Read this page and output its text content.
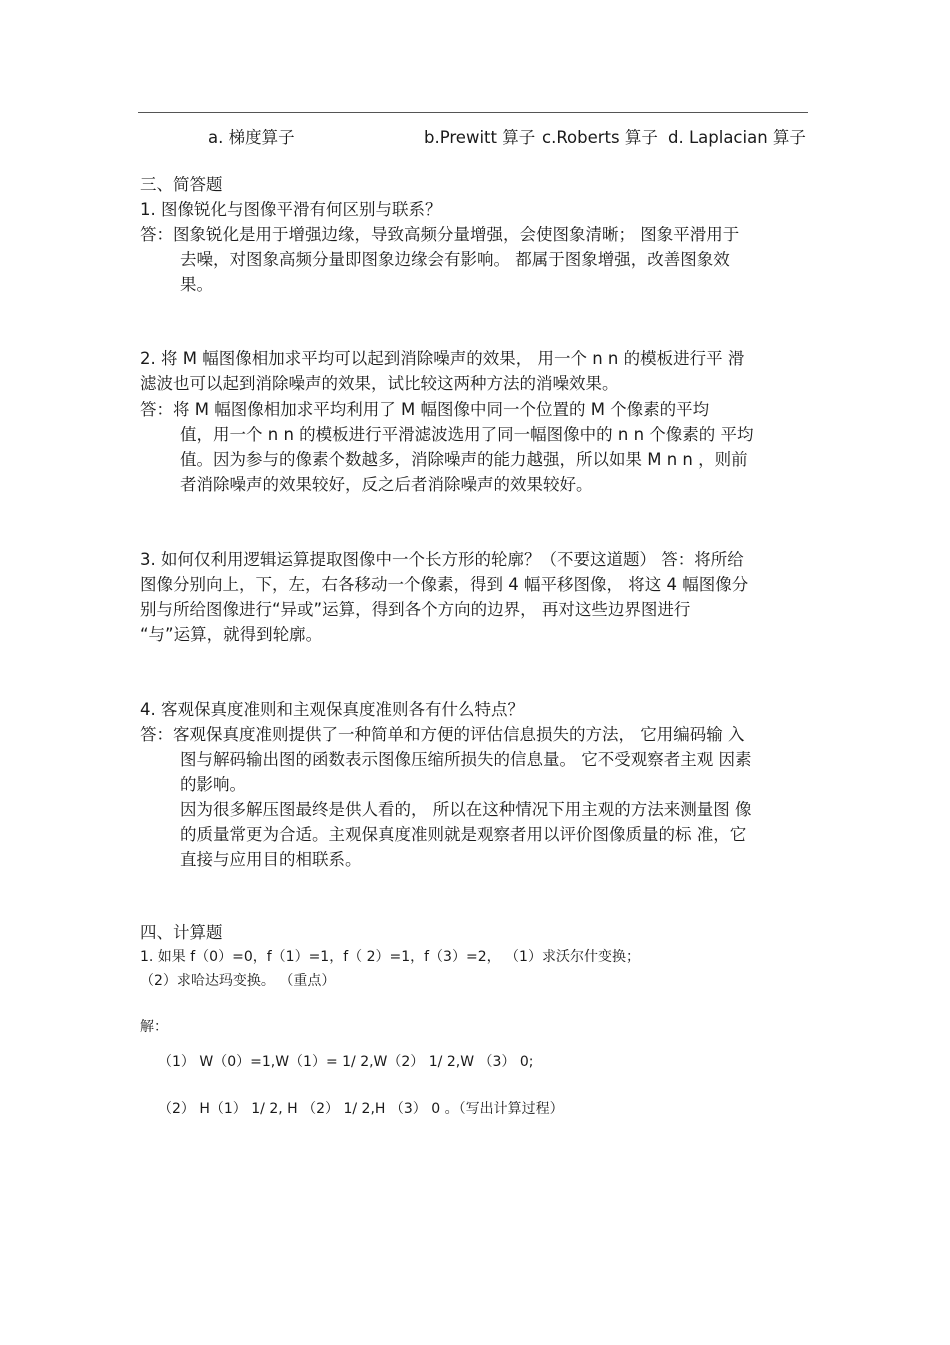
a. 梯度算子	b.Prewitt 算子 c.Roberts 算子 d. Laplacian 算子
三、简答题
1. 图像锐化与图像平滑有何区别与联系？
答：图象锐化是用于增强边缘，导致高频分量增强，会使图象清晰； 图象平滑用于
去噪，对图象高频分量即图象边缘会有影响。 都属于图象增强，改善图象效
果。
2. 将 M 幅图像相加求平均可以起到消除噪声的效果， 用一个 n n 的模板进行平 滑
滤波也可以起到消除噪声的效果，试比较这两种方法的消噪效果。
答：将 M 幅图像相加求平均利用了 M 幅图像中同一个位置的 M 个像素的平均
值，用一个 n n 的模板进行平滑滤波选用了同一幅图像中的 n n 个像素的 平均
值。因为参与的像素个数越多，消除噪声的能力越强，所以如果 M n n ，则前
者消除噪声的效果较好，反之后者消除噪声的效果较好。
3. 如何仅利用逻辑运算提取图像中一个长方形的轮廓？（不要这道题） 答：将所给
图像分别向上，下，左，右各移动一个像素，得到 4 幅平移图像， 将这 4 幅图像分
别与所给图像进行“异或”运算，得到各个方向的边界， 再对这些边界图进行
“与”运算，就得到轮廓。
4. 客观保真度准则和主观保真度准则各有什么特点？
答：客观保真度准则提供了一种简单和方便的评估信息损失的方法， 它用编码输 入
图与解码输出图的函数表示图像压缩所损失的信息量。 它不受观察者主观 因素
的影响。
因为很多解压图最终是供人看的， 所以在这种情况下用主观的方法来测量图 像
的质量常更为合适。主观保真度准则就是观察者用以评价图像质量的标 准，它
直接与应用目的相联系。
四、计算题
1. 如果 f（0）=0，f（1）=1，f（ 2）=1，f（3）=2， （1）求沃尔什变换；
（2）求哈达玛变换。 （重点）
解：
（1） W（0）=1,W（1）= 1/ 2,W（2） 1/ 2,W （3） 0;
（2） H（1） 1/ 2, H （2） 1/ 2,H （3） 0 。（写出计算过程）
